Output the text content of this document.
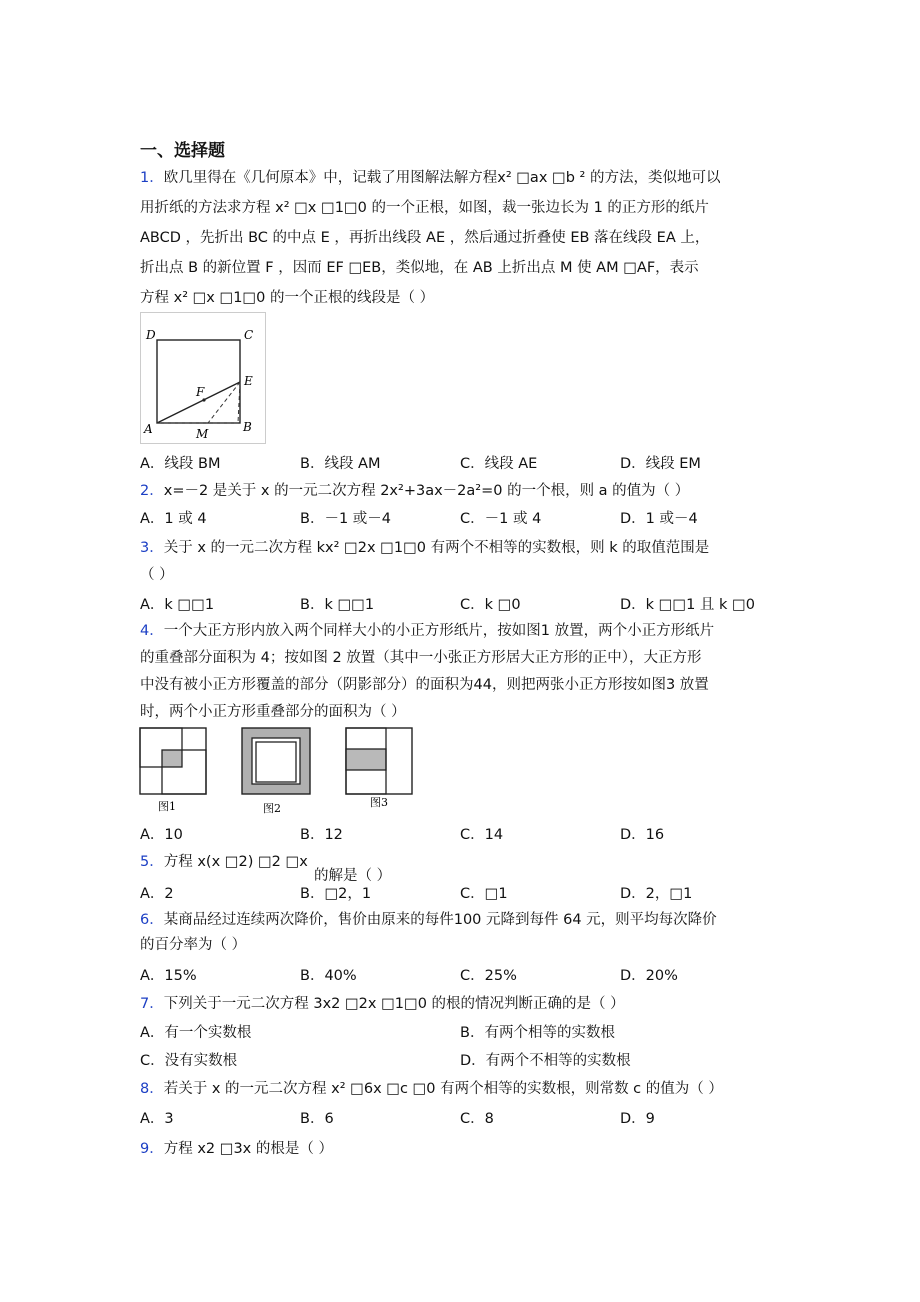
一、选择题
1．欧几里得在《几何原本》中，记载了用图解法解方程x² □ax □b ² 的方法，类似地可以
用折纸的方法求方程 x² □x □1□0 的一个正根，如图，裁一张边长为 1 的正方形的纸片
ABCD ，先折出 BC 的中点 E ，再折出线段 AE ，然后通过折叠使 EB 落在线段 EA 上，
折出点 B 的新位置 F ，因而 EF □EB，类似地，在 AB 上折出点 M 使 AM □AF，表示
方程 x² □x □1□0 的一个正根的线段是（ ）
D	C
E
F
A	M	B
A．线段 BM	B．线段 AM	C．线段 AE	D．线段 EM
2．x=－2 是关于 x 的一元二次方程 2x²+3ax－2a²=0 的一个根，则 a 的值为（ ）
A．1 或 4	B．－1 或－4	C．－1 或 4	D．1 或－4
3．关于 x 的一元二次方程 kx² □2x □1□0 有两个不相等的实数根，则 k 的取值范围是
（ ）
A．k □□1	B．k □□1	C．k □0	D．k □□1 且 k □0
4．一个大正方形内放入两个同样大小的小正方形纸片，按如图1 放置，两个小正方形纸片
的重叠部分面积为 4；按如图 2 放置（其中一小张正方形居大正方形的正中），大正方形
中没有被小正方形覆盖的部分（阴影部分）的面积为44，则把两张小正方形按如图3 放置
时，两个小正方形重叠部分的面积为（ ）
图1	图2	图3
A．10	B．12	C．14	D．16
5．方程 x(x □2) □2 □x
的解是（ ）
A．2	B．□2，1	C．□1	D．2，□1
6．某商品经过连续两次降价，售价由原来的每件100 元降到每件 64 元，则平均每次降价
的百分率为（ ）
A．15%	B．40%	C．25%	D．20%
7．下列关于一元二次方程 3x2 □2x □1□0 的根的情况判断正确的是（ ）
A．有一个实数根	B．有两个相等的实数根
C．没有实数根	D．有两个不相等的实数根
8．若关于 x 的一元二次方程 x² □6x □c □0 有两个相等的实数根，则常数 c 的值为（ ）
A．3	B．6	C．8	D．9
9．方程 x2 □3x 的根是（ ）
